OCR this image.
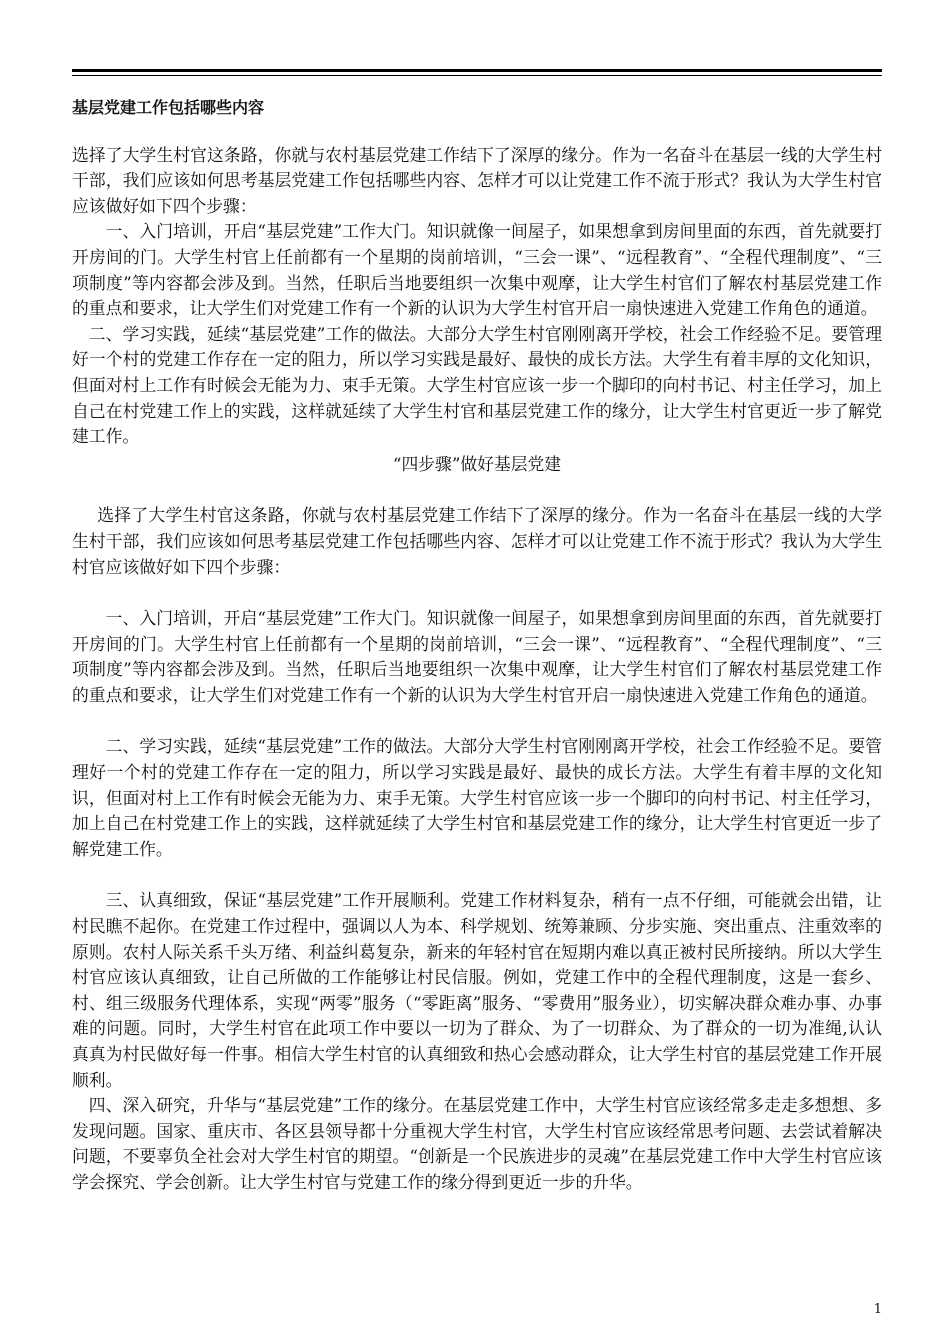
基层党建工作包括哪些内容

选择了大学生村官这条路，你就与农村基层党建工作结下了深厚的缘分。作为一名奋斗在基层一线的大学生村干部，我们应该如何思考基层党建工作包括哪些内容、怎样才可以让党建工作不流于形式？我认为大学生村官应该做好如下四个步骤：

一、入门培训，开启“基层党建”工作大门。知识就像一间屋子，如果想拿到房间里面的东西，首先就要打开房间的门。大学生村官上任前都有一个星期的岗前培训，“三会一课”、“远程教育”、“全程代理制度”、“三项制度”等内容都会涉及到。当然，任职后当地要组织一次集中观摩，让大学生村官们了解农村基层党建工作的重点和要求，让大学生们对党建工作有一个新的认识为大学生村官开启一扇快速进入党建工作角色的通道。

二、学习实践，延续“基层党建”工作的做法。大部分大学生村官刚刚离开学校，社会工作经验不足。要管理好一个村的党建工作存在一定的阻力，所以学习实践是最好、最快的成长方法。大学生有着丰厚的文化知识，但面对村上工作有时候会无能为力、束手无策。大学生村官应该一步一个脚印的向村书记、村主任学习，加上自己在村党建工作上的实践，这样就延续了大学生村官和基层党建工作的缘分，让大学生村官更近一步了解党建工作。

“四步骤”做好基层党建

选择了大学生村官这条路，你就与农村基层党建工作结下了深厚的缘分。作为一名奋斗在基层一线的大学生村干部，我们应该如何思考基层党建工作包括哪些内容、怎样才可以让党建工作不流于形式？我认为大学生村官应该做好如下四个步骤：

一、入门培训，开启“基层党建”工作大门。知识就像一间屋子，如果想拿到房间里面的东西，首先就要打开房间的门。大学生村官上任前都有一个星期的岗前培训，“三会一课”、“远程教育”、“全程代理制度”、“三项制度”等内容都会涉及到。当然，任职后当地要组织一次集中观摩，让大学生村官们了解农村基层党建工作的重点和要求，让大学生们对党建工作有一个新的认识为大学生村官开启一扇快速进入党建工作角色的通道。

二、学习实践，延续“基层党建”工作的做法。大部分大学生村官刚刚离开学校，社会工作经验不足。要管理好一个村的党建工作存在一定的阻力，所以学习实践是最好、最快的成长方法。大学生有着丰厚的文化知识，但面对村上工作有时候会无能为力、束手无策。大学生村官应该一步一个脚印的向村书记、村主任学习，加上自己在村党建工作上的实践，这样就延续了大学生村官和基层党建工作的缘分，让大学生村官更近一步了解党建工作。

三、认真细致，保证“基层党建”工作开展顺利。党建工作材料复杂，稍有一点不仔细，可能就会出错，让村民瞧不起你。在党建工作过程中，强调以人为本、科学规划、统筹兼顾、分步实施、突出重点、注重效率的原则。农村人际关系千头万绪、利益纠葛复杂，新来的年轻村官在短期内难以真正被村民所接纳。所以大学生村官应该认真细致，让自己所做的工作能够让村民信服。例如，党建工作中的全程代理制度，这是一套乡、村、组三级服务代理体系，实现“两零”服务（“零距离”服务、“零费用”服务业），切实解决群众难办事、办事难的问题。同时，大学生村官在此项工作中要以一切为了群众、为了一切群众、为了群众的一切为准绳,认认真真为村民做好每一件事。相信大学生村官的认真细致和热心会感动群众，让大学生村官的基层党建工作开展顺利。

四、深入研究，升华与“基层党建”工作的缘分。在基层党建工作中，大学生村官应该经常多走走多想想、多发现问题。国家、重庆市、各区县领导都十分重视大学生村官，大学生村官应该经常思考问题、去尝试着解决问题，不要辜负全社会对大学生村官的期望。“创新是一个民族进步的灵魂”在基层党建工作中大学生村官应该学会探究、学会创新。让大学生村官与党建工作的缘分得到更近一步的升华。

1
